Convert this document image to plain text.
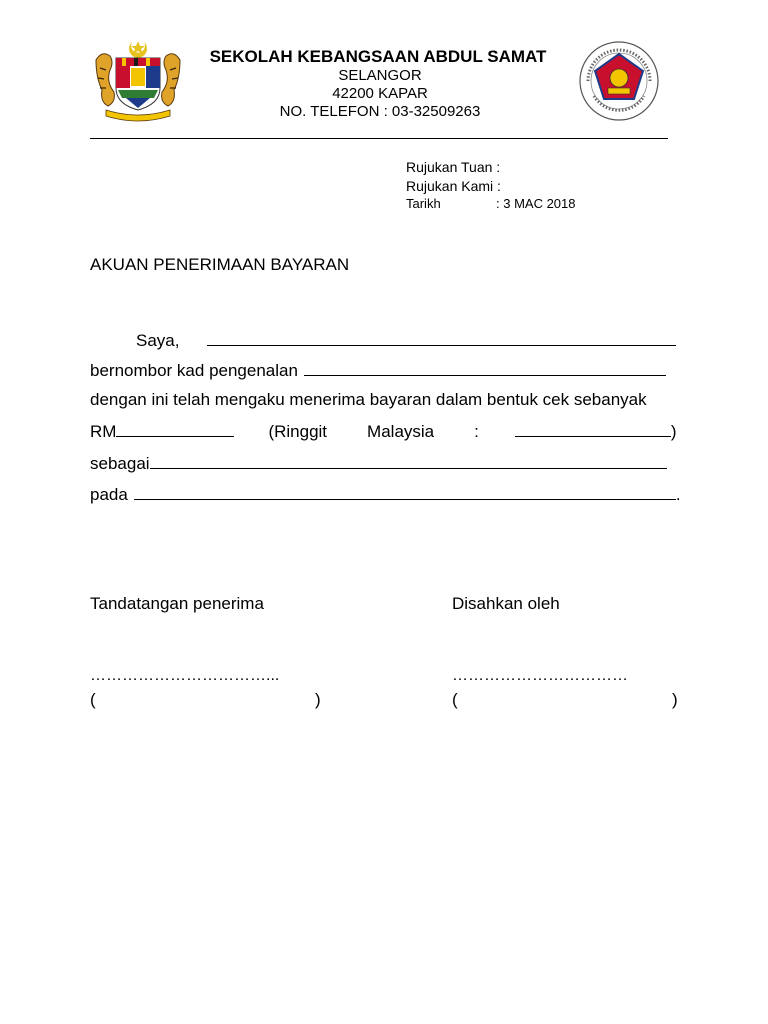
SEKOLAH KEBANGSAAN ABDUL SAMAT
SELANGOR
42200 KAPAR
NO. TELEFON : 03-32509263
Rujukan Tuan :
Rujukan Kami :
Tarikh	: 3 MAC 2018
AKUAN PENERIMAAN BAYARAN
Saya,
bernombor kad pengenalan
dengan ini telah mengaku menerima bayaran dalam bentuk cek sebanyak
RM	(Ringgit Malaysia :	)
sebagai
pada	.
Tandatangan penerima	Disahkan oleh
……………………………...	……………………………
(	)	(	)
